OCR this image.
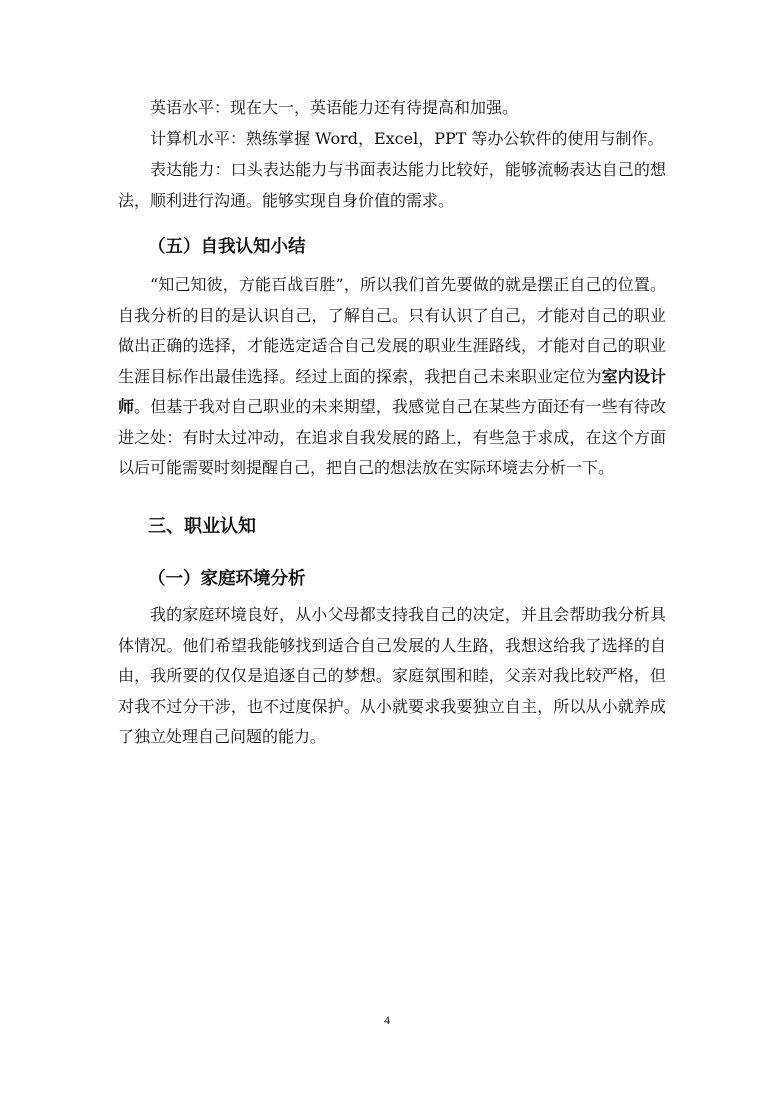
英语水平：现在大一，英语能力还有待提高和加强。

计算机水平：熟练掌握 Word，Excel，PPT 等办公软件的使用与制作。

表达能力：口头表达能力与书面表达能力比较好，能够流畅表达自己的想法，顺利进行沟通。能够实现自身价值的需求。

（五）自我认知小结

“知己知彼，方能百战百胜”，所以我们首先要做的就是摆正自己的位置。自我分析的目的是认识自己，了解自己。只有认识了自己，才能对自己的职业做出正确的选择，才能选定适合自己发展的职业生涯路线，才能对自己的职业生涯目标作出最佳选择。经过上面的探索，我把自己未来职业定位为室内设计师。但基于我对自己职业的未来期望，我感觉自己在某些方面还有一些有待改进之处：有时太过冲动，在追求自我发展的路上，有些急于求成，在这个方面以后可能需要时刻提醒自己，把自己的想法放在实际环境去分析一下。

三、职业认知
（一）家庭环境分析

我的家庭环境良好，从小父母都支持我自己的决定，并且会帮助我分析具体情况。他们希望我能够找到适合自己发展的人生路，我想这给我了选择的自由，我所要的仅仅是追逐自己的梦想。家庭氛围和睦，父亲对我比较严格，但对我不过分干涉，也不过度保护。从小就要求我要独立自主，所以从小就养成了独立处理自己问题的能力。

4
